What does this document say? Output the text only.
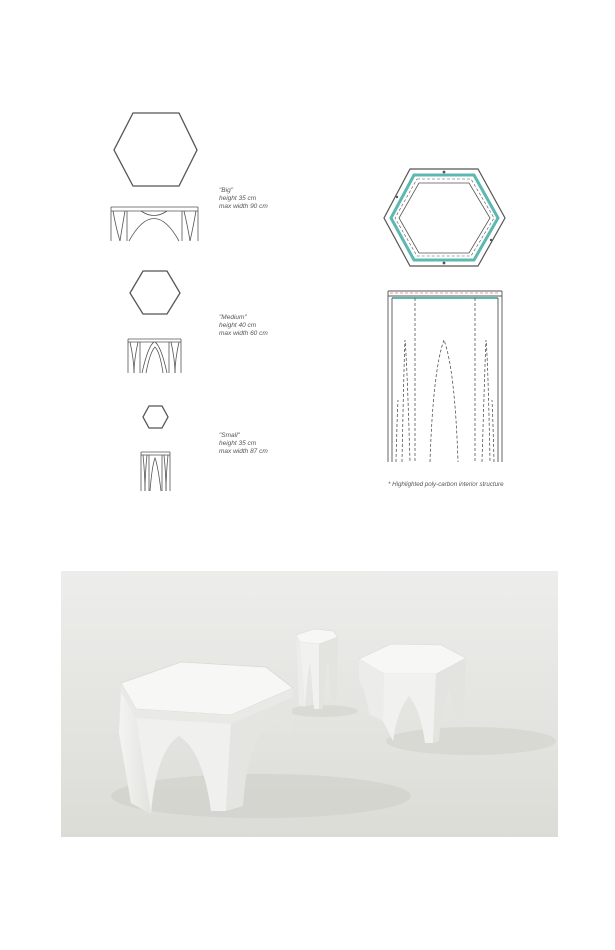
"Big"
height 35 cm
max width 90 cm
"Medium"
height 40 cm
max width 60 cm
"Small"
height 35 cm
max width 87 cm
* Highlighted poly-carbon interior structure
